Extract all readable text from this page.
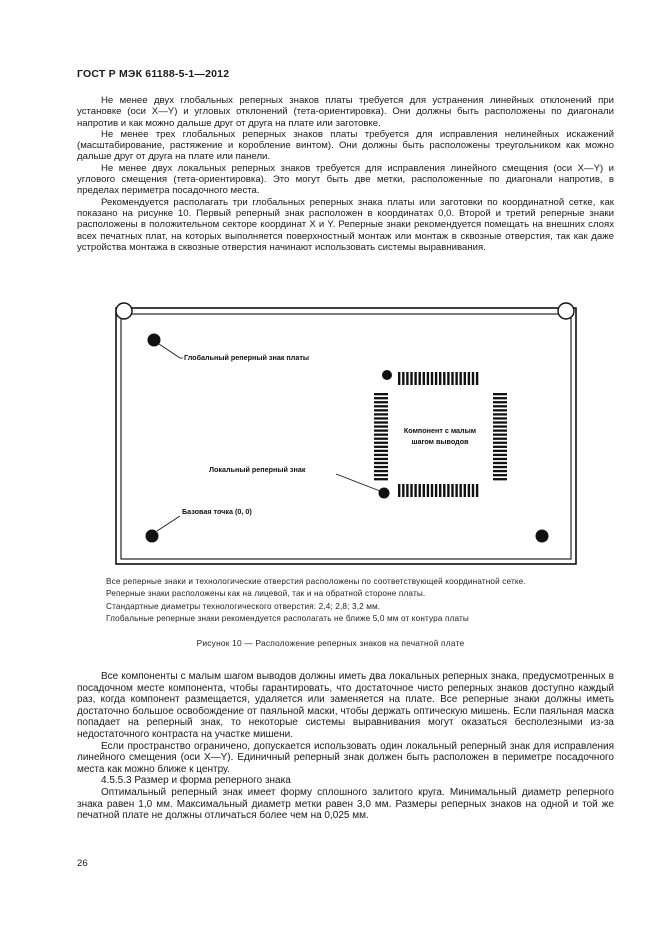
ГОСТ Р МЭК 61188-5-1—2012

Не менее двух глобальных реперных знаков платы требуется для устранения линейных отклонений при установке (оси X—Y) и угловых отклонений (тета-ориентировка). Они должны быть расположены по диагонали напротив и как можно дальше друг от друга на плате или заготовке.

Не менее трех глобальных реперных знаков платы требуется для исправления нелинейных искажений (масштабирование, растяжение и коробление винтом). Они должны быть расположены треугольником как можно дальше друг от друга на плате или панели.

Не менее двух локальных реперных знаков требуется для исправления линейного смещения (оси X—Y) и углового смещения (тета-ориентировка). Это могут быть две метки, расположенные по диагонали напротив, в пределах периметра посадочного места.

Рекомендуется располагать три глобальных реперных знака платы или заготовки по координатной сетке, как показано на рисунке 10. Первый реперный знак расположен в координатах 0,0. Второй и третий реперные знаки расположены в положительном секторе координат X и Y. Реперные знаки рекомендуется помещать на внешних слоях всех печатных плат, на которых выполняется поверхностный монтаж или монтаж в сквозные отверстия, так как даже устройства монтажа в сквозные отверстия начинают использовать системы выравнивания.

Глобальный реперный знак платы
Компонент с малым
шагом выводов
Локальный реперный знак
Базовая точка (0, 0)
Все реперные знаки и технологические отверстия расположены по соответствующей координатной сетке.
Реперные знаки расположены как на лицевой, так и на обратной стороне платы.
Стандартные диаметры технологического отверстия: 2,4; 2,8; 3,2 мм.
Глобальные реперные знаки рекомендуется располагать не ближе 5,0 мм от контура платы
Рисунок 10 — Расположение реперных знаков на печатной плате

Все компоненты с малым шагом выводов должны иметь два локальных реперных знака, предусмотренных в посадочном месте компонента, чтобы гарантировать, что достаточное чисто реперных знаков доступно каждый раз, когда компонент размещается, удаляется или заменяется на плате. Все реперные знаки должны иметь достаточно большое освобождение от паяльной маски, чтобы держать оптическую мишень. Если паяльная маска попадает на реперный знак, то некоторые системы выравнивания могут оказаться бесполезными из-за недостаточного контраста на участке мишени.

Если пространство ограничено, допускается использовать один локальный реперный знак для исправления линейного смещения (оси X—Y). Единичный реперный знак должен быть расположен в периметре посадочного места как можно ближе к центру.

4.5.5.3 Размер и форма реперного знака

Оптимальный реперный знак имеет форму сплошного залитого круга. Минимальный диаметр реперного знака равен 1,0 мм. Максимальный диаметр метки равен 3,0 мм. Размеры реперных знаков на одной и той же печатной плате не должны отличаться более чем на 0,025 мм.

26
